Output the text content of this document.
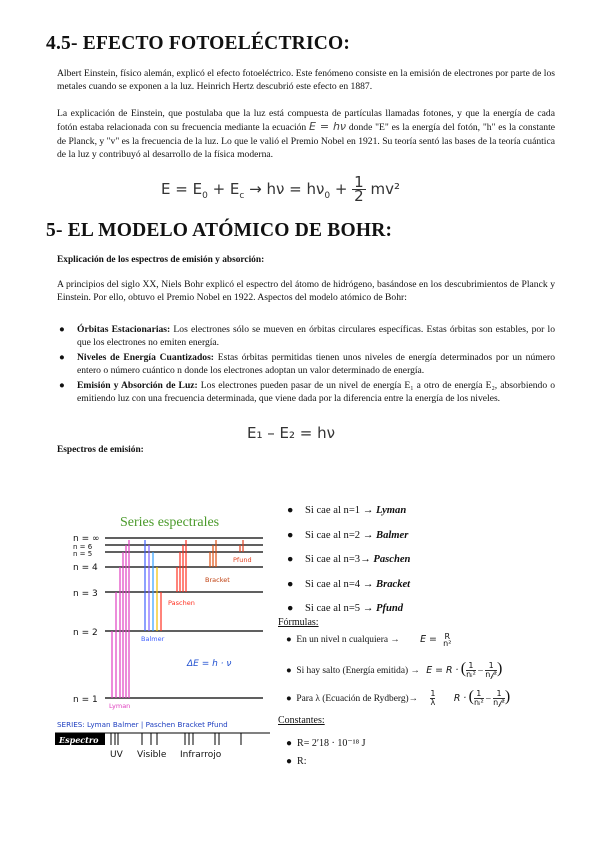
4.5- EFECTO FOTOELÉCTRICO:

Albert Einstein, físico alemán, explicó el efecto fotoeléctrico. Este fenómeno consiste en la emisión de electrones por parte de los metales cuando se exponen a la luz. Heinrich Hertz descubrió este efecto en 1887.

La explicación de Einstein, que postulaba que la luz está compuesta de partículas llamadas fotones, y que la energía de cada fotón estaba relacionada con su frecuencia mediante la ecuación E = hν donde "E" es la energía del fotón, "h" es la constante de Planck, y "v" es la frecuencia de la luz. Lo que le valió el Premio Nobel en 1921. Su teoría sentó las bases de la teoría cuántica de la luz y contribuyó al desarrollo de la física moderna.

$E = E_0 + E_c \to h\nu = h\nu_0 + \frac{1}{2} mv^2$
5- EL MODELO ATÓMICO DE BOHR:

Explicación de los espectros de emisión y absorción:

A principios del siglo XX, Niels Bohr explicó el espectro del átomo de hidrógeno, basándose en los descubrimientos de Planck y Einstein. Por ello, obtuvo el Premio Nobel en 1922. Aspectos del modelo atómico de Bohr:

● Órbitas Estacionarias: Los electrones sólo se mueven en órbitas circulares específicas. Estas órbitas son estables, por lo que los electrones no emiten energía.
● Niveles de Energía Cuantizados: Estas órbitas permitidas tienen unos niveles de energía determinados por un número entero o número cuántico n donde los electrones adoptan un valor determinado de energía.
● Emisión y Absorción de Luz: Los electrones pueden pasar de un nivel de energía E₁ a otro de energía E₂, absorbiendo o emitiendo luz con una frecuencia determinada, que viene dada por la diferencia entre la energía de los niveles.
E₁ – E₂ = hν

Espectros de emisión:

Series espectrales
n = ∞
n = 6
n = 5
n = 4
n = 3
n = 2
n = 1
Lyman
Balmer
Paschen
Bracket
Pfund
ΔE = h · ν
SERIES: Lyman Balmer | Paschen Bracket Pfund
Espectro
UV Visible Infrarrojo
● Si cae al n=1 → Lyman
● Si cae al n=2 → Balmer
● Si cae al n=3→ Paschen
● Si cae al n=4 → Bracket
● Si cae al n=5 → Pfund
Fórmulas:
● En un nivel n cualquiera → E = R
n²
● Si hay salto (Energía emitida) → E = R · ( $\frac{1}{\text{nᵢ²}}$ –
1
n𝒻² )
● Para λ (Ecuación de Rydberg)→ $\frac{1}{\lambda}$ R · ( $\frac{1}{\text{nᵢ²}}$ –
1
n𝒻² )
Constantes:
● R= 2′18 · 10⁻¹⁸ J
● R:
